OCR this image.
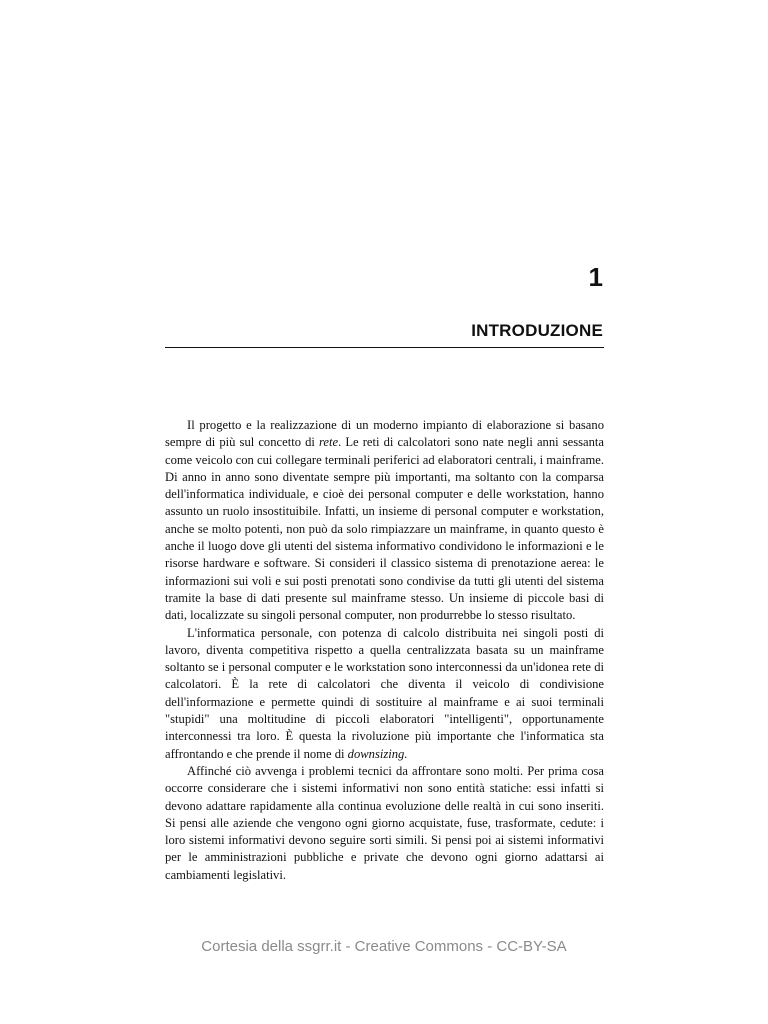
1
INTRODUZIONE

Il progetto e la realizzazione di un moderno impianto di elaborazione si basano sempre di più sul concetto di rete. Le reti di calcolatori sono nate negli anni sessanta come veicolo con cui collegare terminali periferici ad elaboratori centrali, i mainframe. Di anno in anno sono diventate sempre più importanti, ma soltanto con la comparsa dell'informatica individuale, e cioè dei personal computer e delle workstation, hanno assunto un ruolo insostituibile. Infatti, un insieme di personal computer e workstation, anche se molto potenti, non può da solo rimpiazzare un mainframe, in quanto questo è anche il luogo dove gli utenti del sistema informativo condividono le informazioni e le risorse hardware e software. Si consideri il classico sistema di prenotazione aerea: le informazioni sui voli e sui posti prenotati sono condivise da tutti gli utenti del sistema tramite la base di dati presente sul mainframe stesso. Un insieme di piccole basi di dati, localizzate su singoli personal computer, non produrrebbe lo stesso risultato.

L'informatica personale, con potenza di calcolo distribuita nei singoli posti di lavoro, diventa competitiva rispetto a quella centralizzata basata su un mainframe soltanto se i personal computer e le workstation sono interconnessi da un'idonea rete di calcolatori. È la rete di calcolatori che diventa il veicolo di condivisione dell'informazione e permette quindi di sostituire al mainframe e ai suoi terminali "stupidi" una moltitudine di piccoli elaboratori "intelligenti", opportunamente interconnessi tra loro. È questa la rivoluzione più importante che l'informatica sta affrontando e che prende il nome di downsizing.

Affinché ciò avvenga i problemi tecnici da affrontare sono molti. Per prima cosa occorre considerare che i sistemi informativi non sono entità statiche: essi infatti si devono adattare rapidamente alla continua evoluzione delle realtà in cui sono inseriti. Si pensi alle aziende che vengono ogni giorno acquistate, fuse, trasformate, cedute: i loro sistemi informativi devono seguire sorti simili. Si pensi poi ai sistemi informativi per le amministrazioni pubbliche e private che devono ogni giorno adattarsi ai cambiamenti legislativi.

Cortesia della ssgrr.it - Creative Commons - CC-BY-SA
